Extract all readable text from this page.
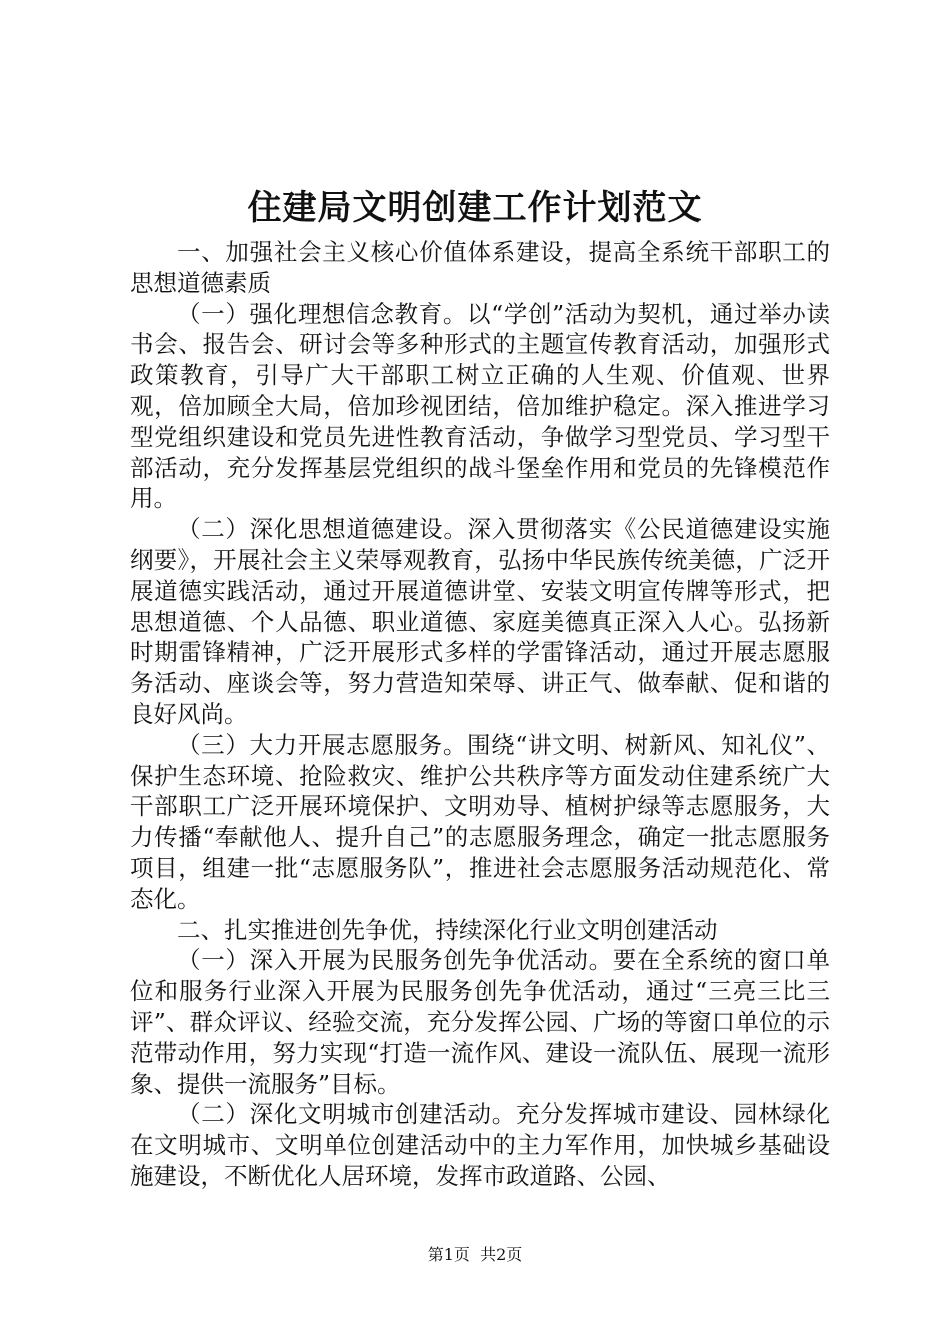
住建局文明创建工作计划范文

一、加强社会主义核心价值体系建设，提高全系统干部职工的思想道德素质

（一）强化理想信念教育。以“学创”活动为契机，通过举办读书会、报告会、研讨会等多种形式的主题宣传教育活动，加强形式政策教育，引导广大干部职工树立正确的人生观、价值观、世界观，倍加顾全大局，倍加珍视团结，倍加维护稳定。深入推进学习型党组织建设和党员先进性教育活动，争做学习型党员、学习型干部活动，充分发挥基层党组织的战斗堡垒作用和党员的先锋模范作用。

（二）深化思想道德建设。深入贯彻落实《公民道德建设实施纲要》，开展社会主义荣辱观教育，弘扬中华民族传统美德，广泛开展道德实践活动，通过开展道德讲堂、安装文明宣传牌等形式，把思想道德、个人品德、职业道德、家庭美德真正深入人心。弘扬新时期雷锋精神，广泛开展形式多样的学雷锋活动，通过开展志愿服务活动、座谈会等，努力营造知荣辱、讲正气、做奉献、促和谐的良好风尚。

（三）大力开展志愿服务。围绕“讲文明、树新风、知礼仪”、保护生态环境、抢险救灾、维护公共秩序等方面发动住建系统广大干部职工广泛开展环境保护、文明劝导、植树护绿等志愿服务，大力传播“奉献他人、提升自己”的志愿服务理念，确定一批志愿服务项目，组建一批“志愿服务队”，推进社会志愿服务活动规范化、常态化。

二、扎实推进创先争优，持续深化行业文明创建活动

（一）深入开展为民服务创先争优活动。要在全系统的窗口单位和服务行业深入开展为民服务创先争优活动，通过“三亮三比三评”、群众评议、经验交流，充分发挥公园、广场的等窗口单位的示范带动作用，努力实现“打造一流作风、建设一流队伍、展现一流形象、提供一流服务”目标。

（二）深化文明城市创建活动。充分发挥城市建设、园林绿化在文明城市、文明单位创建活动中的主力军作用，加快城乡基础设施建设，不断优化人居环境，发挥市政道路、公园、

第1页 共2页
